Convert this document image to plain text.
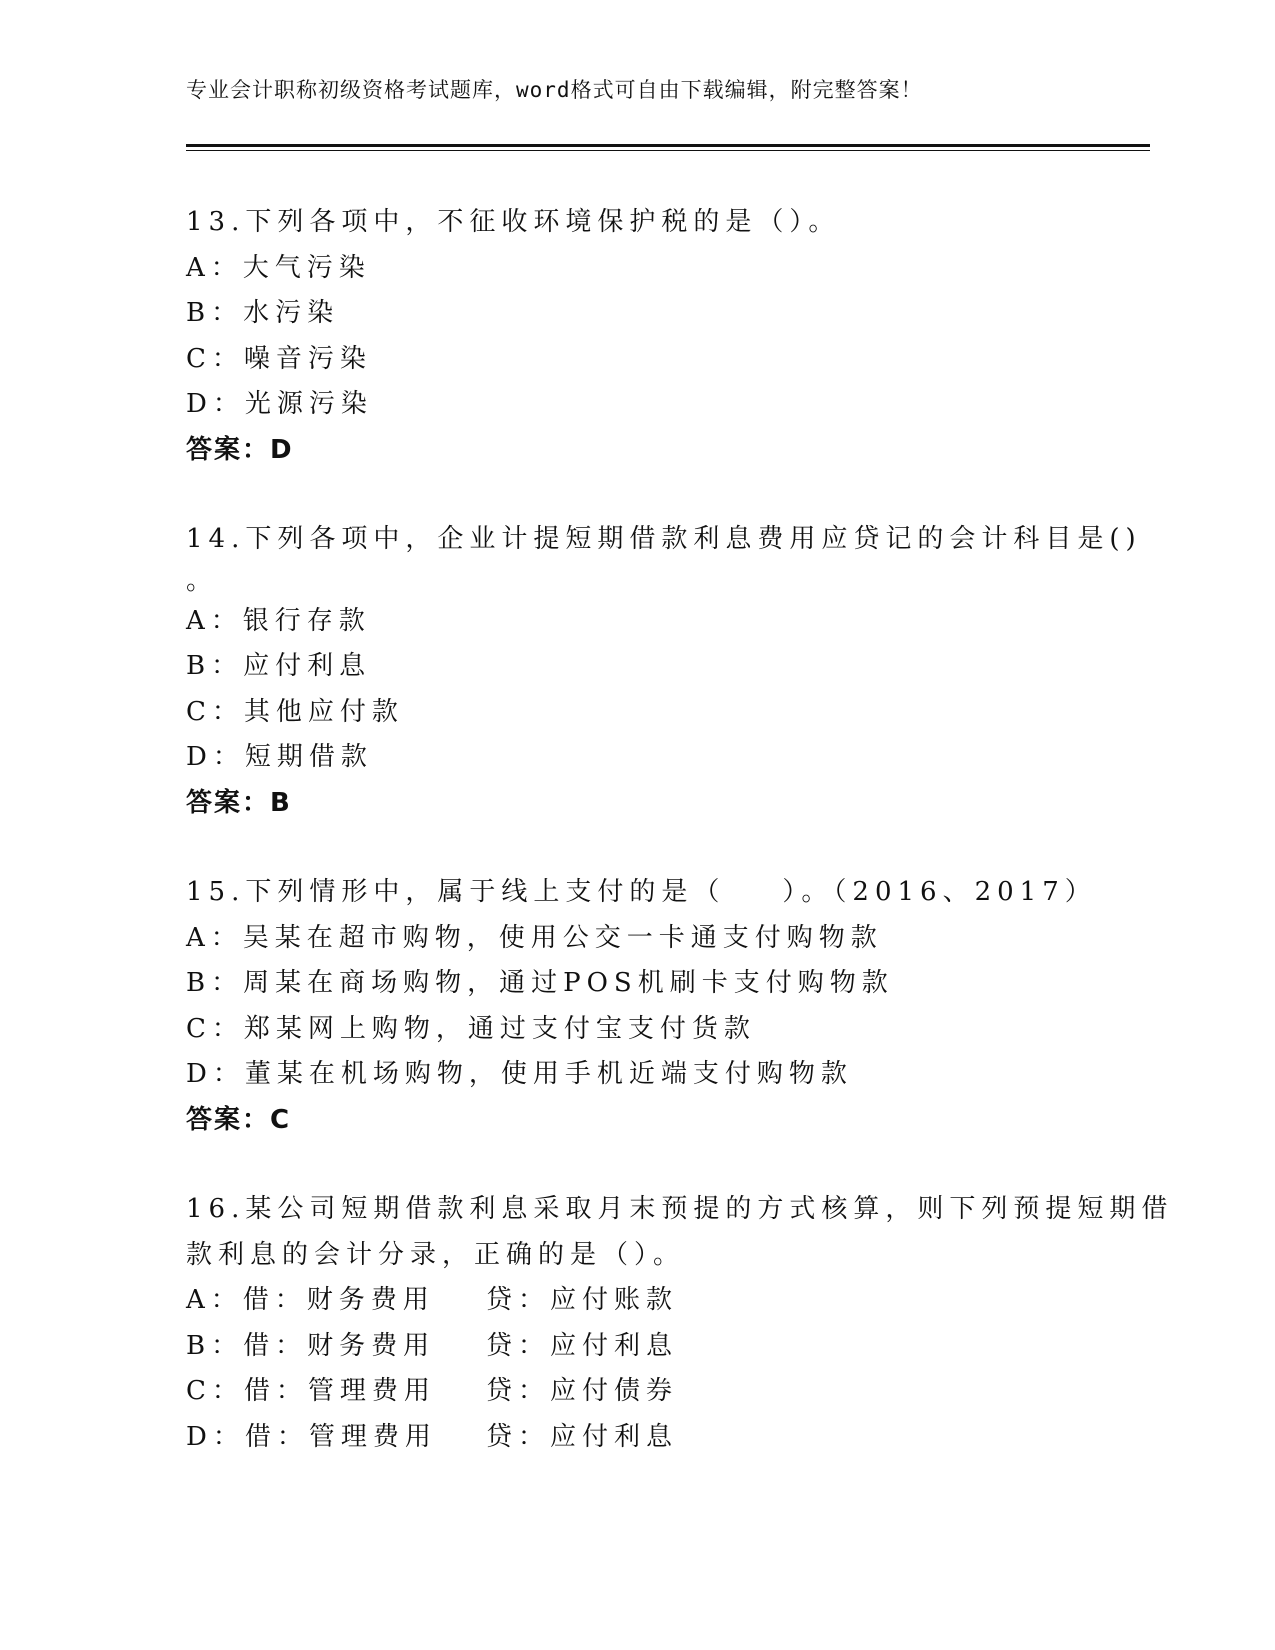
专业会计职称初级资格考试题库，word格式可自由下载编辑，附完整答案！
13.下列各项中，不征收环境保护税的是（）。
A：大气污染
B：水污染
C：噪音污染
D：光源污染
答案：D
14.下列各项中，企业计提短期借款利息费用应贷记的会计科目是()
。
A：银行存款
B：应付利息
C：其他应付款
D：短期借款
答案：B
15.下列情形中，属于线上支付的是（    ）。（2016、2017）
A：吴某在超市购物，使用公交一卡通支付购物款
B：周某在商场购物，通过POS机刷卡支付购物款
C：郑某网上购物，通过支付宝支付货款
D：董某在机场购物，使用手机近端支付购物款
答案：C
16.某公司短期借款利息采取月末预提的方式核算，则下列预提短期借
款利息的会计分录，正确的是（）。
A：借：财务费用 贷：应付账款
B：借：财务费用 贷：应付利息
C：借：管理费用 贷：应付债券
D：借：管理费用 贷：应付利息
